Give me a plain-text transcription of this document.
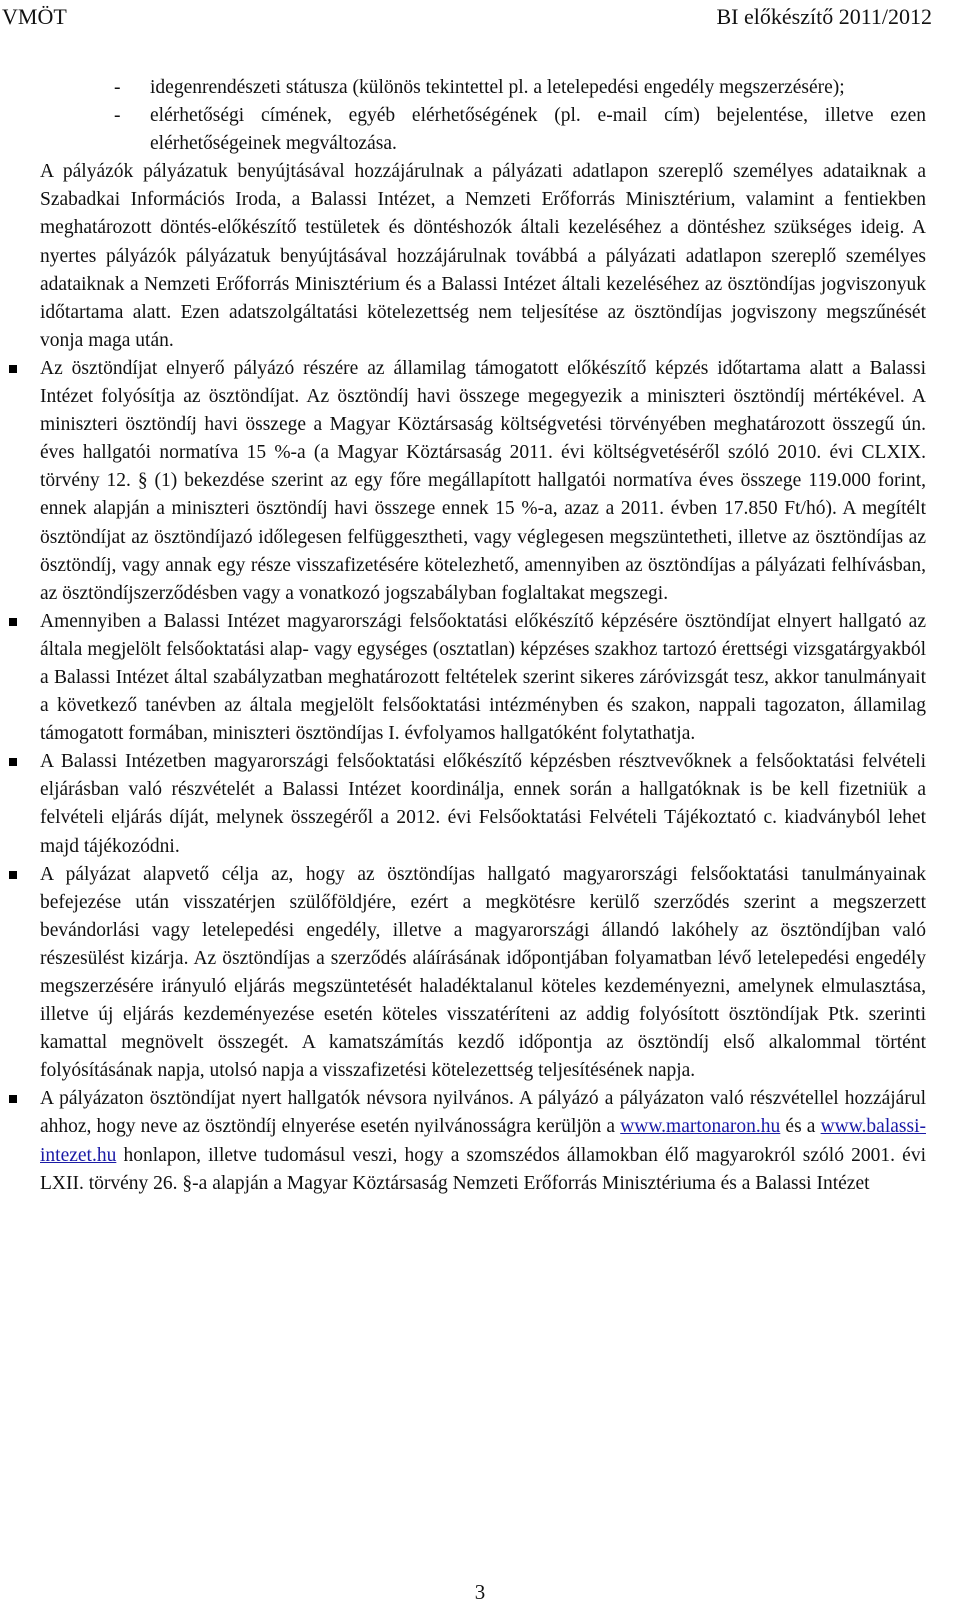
VMÖT	BI előkészítő 2011/2012
- idegenrendészeti státusza (különös tekintettel pl. a letelepedési engedély megszerzésére);
- elérhetőségi címének, egyéb elérhetőségének (pl. e-mail cím) bejelentése, illetve ezen elérhetőségeinek megváltozása.

A pályázók pályázatuk benyújtásával hozzájárulnak a pályázati adatlapon szereplő személyes adataiknak a Szabadkai Információs Iroda, a Balassi Intézet, a Nemzeti Erőforrás Minisztérium, valamint a fentiekben meghatározott döntés-előkészítő testületek és döntéshozók általi kezeléséhez a döntéshez szükséges ideig. A nyertes pályázók pályázatuk benyújtásával hozzájárulnak továbbá a pályázati adatlapon szereplő személyes adataiknak a Nemzeti Erőforrás Minisztérium és a Balassi Intézet általi kezeléséhez az ösztöndíjas jogviszonyuk időtartama alatt. Ezen adatszolgáltatási kötelezettség nem teljesítése az ösztöndíjas jogviszony megszűnését vonja maga után.

Az ösztöndíjat elnyerő pályázó részére az államilag támogatott előkészítő képzés időtartama alatt a Balassi Intézet folyósítja az ösztöndíjat. Az ösztöndíj havi összege megegyezik a miniszteri ösztöndíj mértékével. A miniszteri ösztöndíj havi összege a Magyar Köztársaság költségvetési törvényében meghatározott összegű ún. éves hallgatói normatíva 15 %-a (a Magyar Köztársaság 2011. évi költségvetéséről szóló 2010. évi CLXIX. törvény 12. § (1) bekezdése szerint az egy főre megállapított hallgatói normatíva éves összege 119.000 forint, ennek alapján a miniszteri ösztöndíj havi összege ennek 15 %-a, azaz a 2011. évben 17.850 Ft/hó). A megítélt ösztöndíjat az ösztöndíjazó időlegesen felfüggesztheti, vagy véglegesen megszüntetheti, illetve az ösztöndíjas az ösztöndíj, vagy annak egy része visszafizetésére kötelezhető, amennyiben az ösztöndíjas a pályázati felhívásban, az ösztöndíjszerződésben vagy a vonatkozó jogszabályban foglaltakat megszegi.
Amennyiben a Balassi Intézet magyarországi felsőoktatási előkészítő képzésére ösztöndíjat elnyert hallgató az általa megjelölt felsőoktatási alap- vagy egységes (osztatlan) képzéses szakhoz tartozó érettségi vizsgatárgyakból a Balassi Intézet által szabályzatban meghatározott feltételek szerint sikeres záróvizsgát tesz, akkor tanulmányait a következő tanévben az általa megjelölt felsőoktatási intézményben és szakon, nappali tagozaton, államilag támogatott formában, miniszteri ösztöndíjas I. évfolyamos hallgatóként folytathatja.
A Balassi Intézetben magyarországi felsőoktatási előkészítő képzésben résztvevőknek a felsőoktatási felvételi eljárásban való részvételét a Balassi Intézet koordinálja, ennek során a hallgatóknak is be kell fizetniük a felvételi eljárás díját, melynek összegéről a 2012. évi Felsőoktatási Felvételi Tájékoztató c. kiadványból lehet majd tájékozódni.
A pályázat alapvető célja az, hogy az ösztöndíjas hallgató magyarországi felsőoktatási tanulmányainak befejezése után visszatérjen szülőföldjére, ezért a megkötésre kerülő szerződés szerint a megszerzett bevándorlási vagy letelepedési engedély, illetve a magyarországi állandó lakóhely az ösztöndíjban való részesülést kizárja. Az ösztöndíjas a szerződés aláírásának időpontjában folyamatban lévő letelepedési engedély megszerzésére irányuló eljárás megszüntetését haladéktalanul köteles kezdeményezni, amelynek elmulasztása, illetve új eljárás kezdeményezése esetén köteles visszatéríteni az addig folyósított ösztöndíjak Ptk. szerinti kamattal megnövelt összegét. A kamatszámítás kezdő időpontja az ösztöndíj első alkalommal történt folyósításának napja, utolsó napja a visszafizetési kötelezettség teljesítésének napja.
A pályázaton ösztöndíjat nyert hallgatók névsora nyilvános. A pályázó a pályázaton való részvétellel hozzájárul ahhoz, hogy neve az ösztöndíj elnyerése esetén nyilvánosságra kerüljön a www.martonaron.hu és a www.balassi-intezet.hu honlapon, illetve tudomásul veszi, hogy a szomszédos államokban élő magyarokról szóló 2001. évi LXII. törvény 26. §-a alapján a Magyar Köztársaság Nemzeti Erőforrás Minisztériuma és a Balassi Intézet
3
